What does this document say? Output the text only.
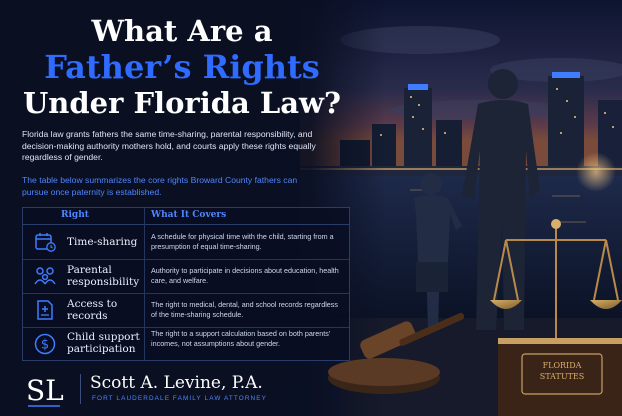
FLORIDA
STATUTES
What Are a
Father’s Rights
Under Florida Law?
Florida law grants fathers the same time-sharing, parental responsibility, and decision-making authority mothers hold, and courts apply these rights equally regardless of gender.
The table below summarizes the core rights Broward County fathers can pursue once paternity is established.
Right	What It Covers
Time-sharing	A schedule for physical time with the child, starting from a presumption of equal time-sharing.
Parental responsibility
Authority to participate in decisions about education, health care, and welfare.
Access to records
The right to medical, dental, and school records regardless of the time-sharing schedule.
$
Child support participation
The right to a support calculation based on both parents’ incomes, not assumptions about gender.
SL Scott A. Levine, P.A.
FORT LAUDERDALE FAMILY LAW ATTORNEY
